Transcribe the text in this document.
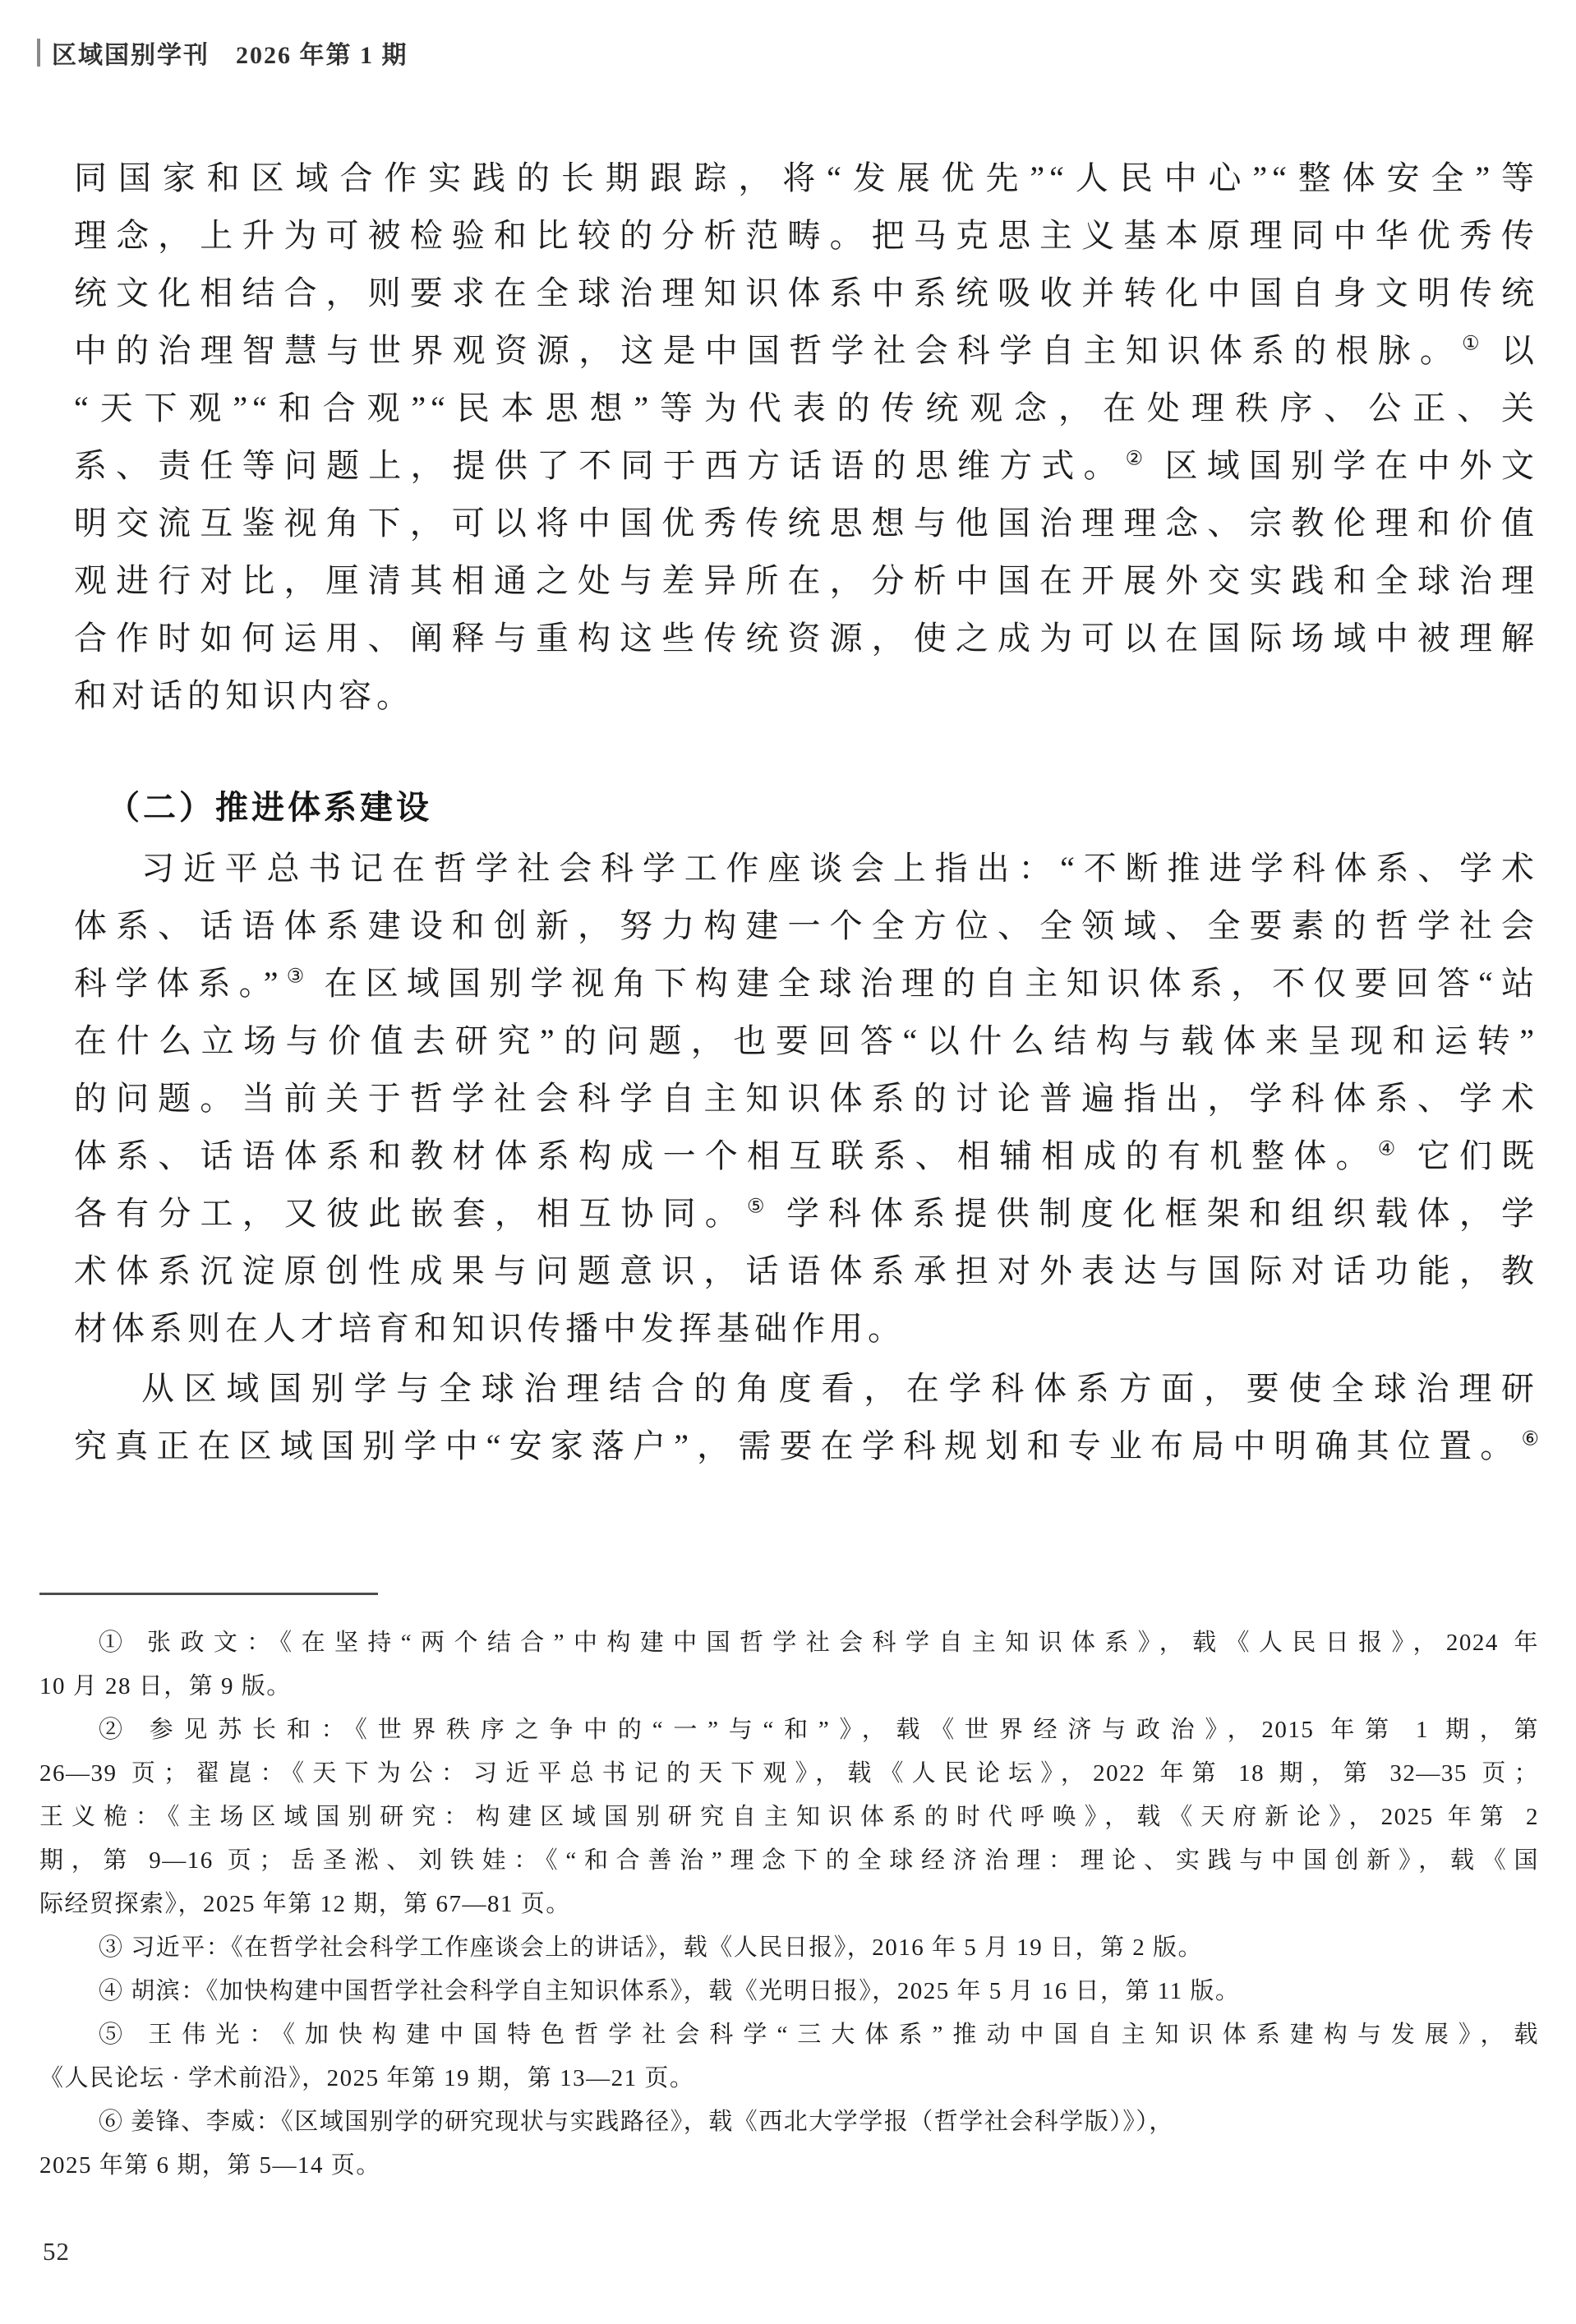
区域国别学刊　2026 年第 1 期
同国家和区域合作实践的长期跟踪，将“发展优先”“人民中心”“整体安全”等
理念，上升为可被检验和比较的分析范畴。把马克思主义基本原理同中华优秀传
统文化相结合，则要求在全球治理知识体系中系统吸收并转化中国自身文明传统
中的治理智慧与世界观资源，这是中国哲学社会科学自主知识体系的根脉。① 以
“天下观”“和合观”“民本思想”等为代表的传统观念，在处理秩序、公正、关
系、责任等问题上，提供了不同于西方话语的思维方式。② 区域国别学在中外文
明交流互鉴视角下，可以将中国优秀传统思想与他国治理理念、宗教伦理和价值
观进行对比，厘清其相通之处与差异所在，分析中国在开展外交实践和全球治理
合作时如何运用、阐释与重构这些传统资源，使之成为可以在国际场域中被理解
和对话的知识内容。
（二）推进体系建设
习近平总书记在哲学社会科学工作座谈会上指出：“不断推进学科体系、学术
体系、话语体系建设和创新，努力构建一个全方位、全领域、全要素的哲学社会
科学体系。”③ 在区域国别学视角下构建全球治理的自主知识体系，不仅要回答“站
在什么立场与价值去研究”的问题，也要回答“以什么结构与载体来呈现和运转”
的问题。当前关于哲学社会科学自主知识体系的讨论普遍指出，学科体系、学术
体系、话语体系和教材体系构成一个相互联系、相辅相成的有机整体。④ 它们既
各有分工，又彼此嵌套，相互协同。⑤ 学科体系提供制度化框架和组织载体，学
术体系沉淀原创性成果与问题意识，话语体系承担对外表达与国际对话功能，教
材体系则在人才培育和知识传播中发挥基础作用。
从区域国别学与全球治理结合的角度看，在学科体系方面，要使全球治理研
究真正在区域国别学中“安家落户”，需要在学科规划和专业布局中明确其位置。⑥
① 张政文：《在坚持“两个结合”中构建中国哲学社会科学自主知识体系》，载《人民日报》，2024 年
10 月 28 日，第 9 版。
② 参见苏长和：《世界秩序之争中的“一”与“和”》，载《世界经济与政治》，2015 年第 1 期，第
26—39 页；翟崑：《天下为公：习近平总书记的天下观》，载《人民论坛》，2022 年第 18 期，第 32—35 页；
王义桅：《主场区域国别研究：构建区域国别研究自主知识体系的时代呼唤》，载《天府新论》，2025 年第 2
期，第 9—16 页；岳圣淞、刘铁娃：《“和合善治”理念下的全球经济治理：理论、实践与中国创新》，载《国
际经贸探索》，2025 年第 12 期，第 67—81 页。
③ 习近平：《在哲学社会科学工作座谈会上的讲话》，载《人民日报》，2016 年 5 月 19 日，第 2 版。
④ 胡滨：《加快构建中国哲学社会科学自主知识体系》，载《光明日报》，2025 年 5 月 16 日，第 11 版。
⑤ 王伟光：《加快构建中国特色哲学社会科学“三大体系”推动中国自主知识体系建构与发展》，载
《人民论坛 · 学术前沿》，2025 年第 19 期，第 13—21 页。
⑥ 姜锋、李威：《区域国别学的研究现状与实践路径》，载《西北大学学报（哲学社会科学版）》），
2025 年第 6 期，第 5—14 页。
52
